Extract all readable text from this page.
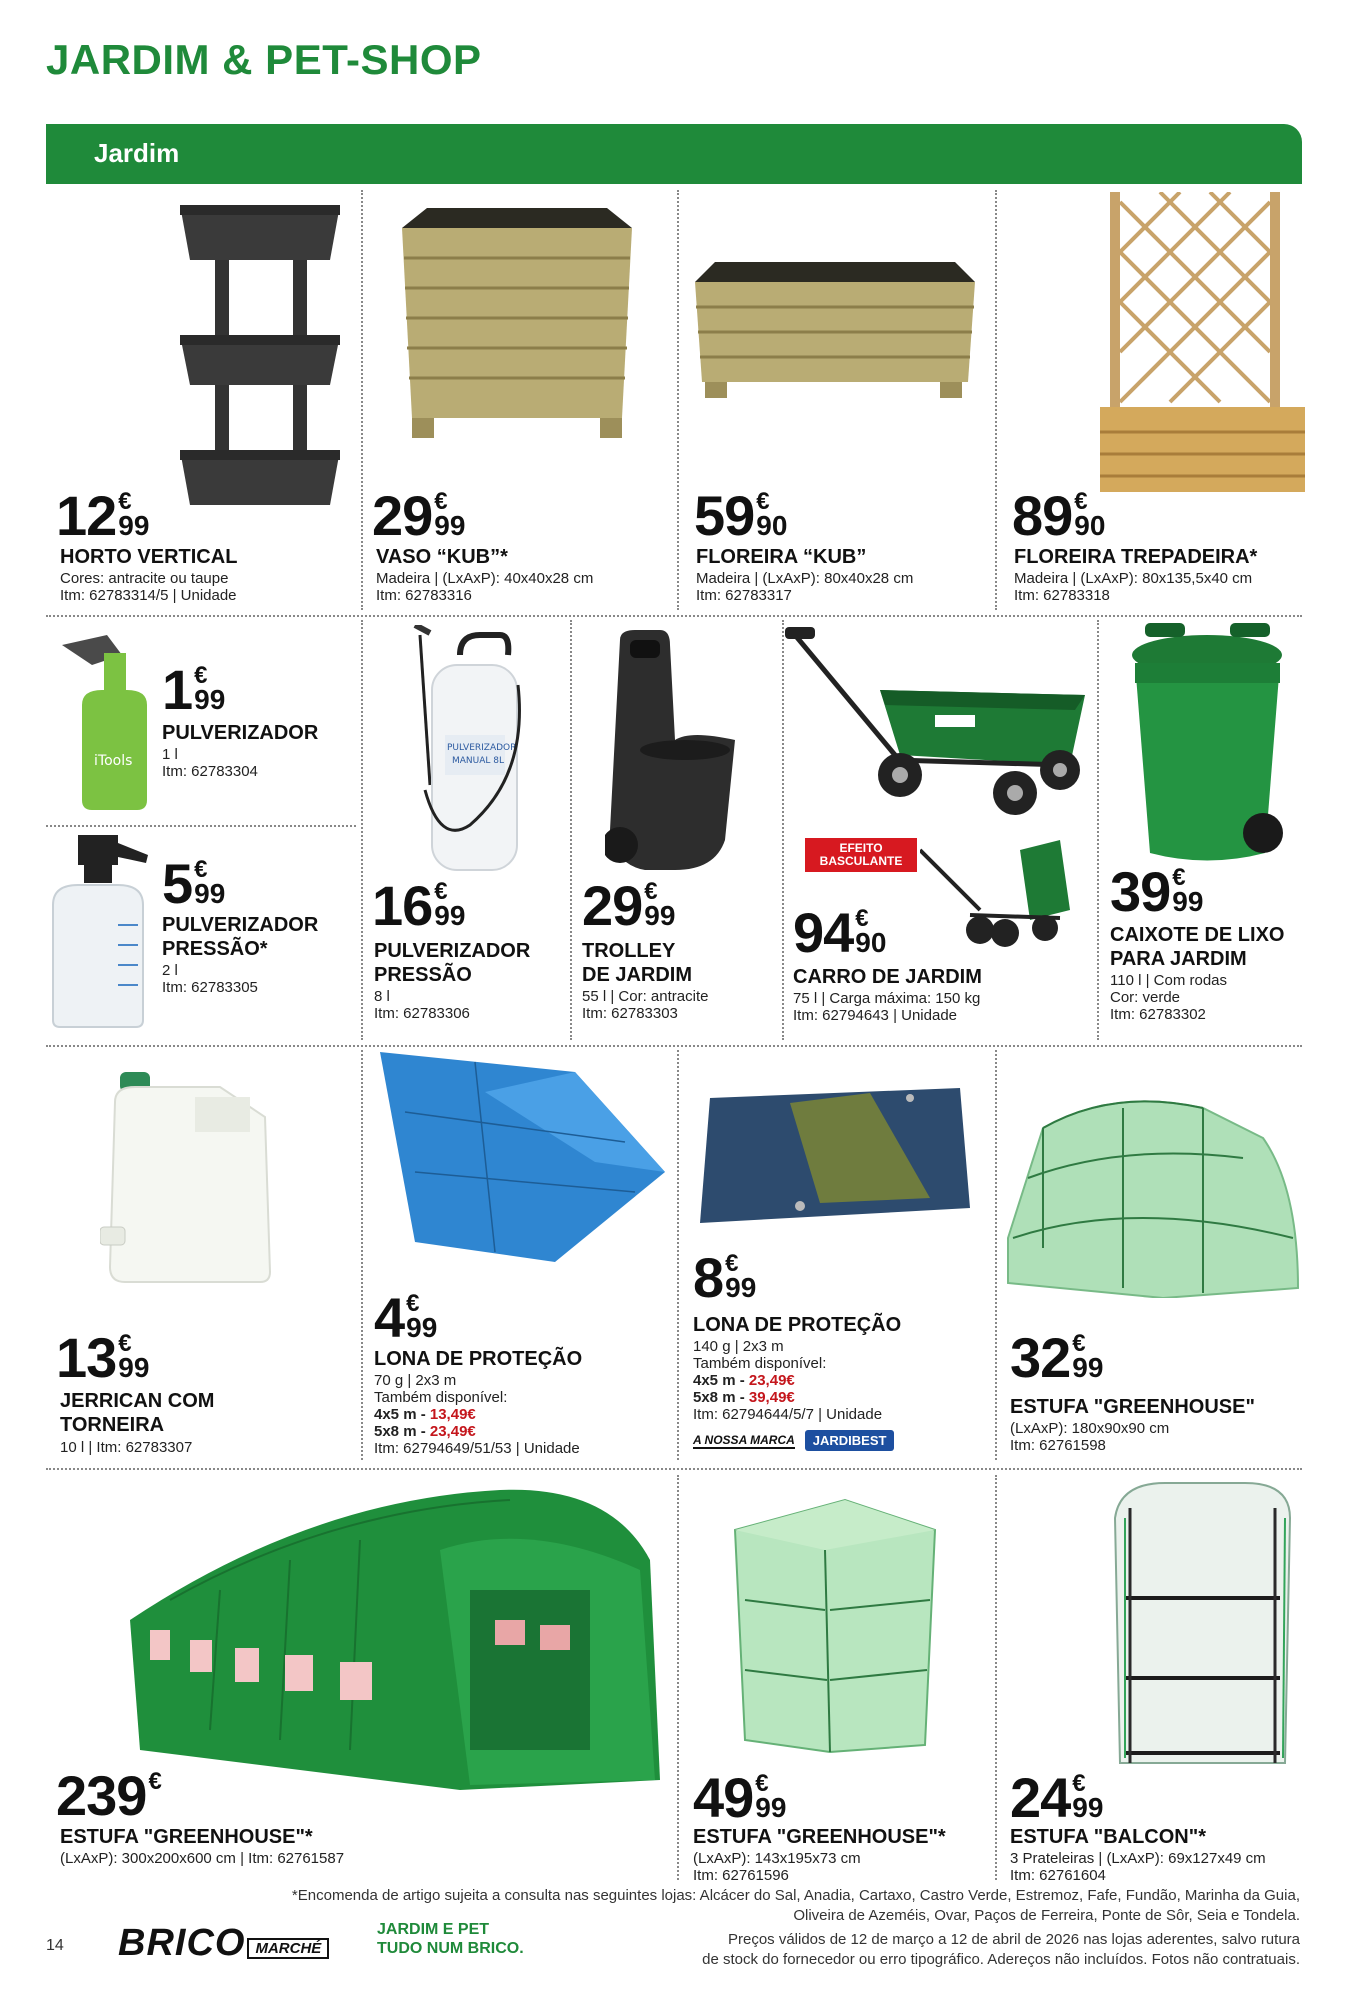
JARDIM & PET-SHOP
Jardim
12 €
99
HORTO VERTICAL
Cores: antracite ou taupe
Itm: 62783314/5 | Unidade
29 €
99
VASO “KUB”*
Madeira | (LxAxP): 40x40x28 cm
Itm: 62783316
59 €
90
FLOREIRA “KUB”
Madeira | (LxAxP): 80x40x28 cm
Itm: 62783317
89 €
90
FLOREIRA TREPADEIRA*
Madeira | (LxAxP): 80x135,5x40 cm
Itm: 62783318
iTools
1 €
99
PULVERIZADOR
1 l
Itm: 62783304
5 €
99
PULVERIZADOR
PRESSÃO*
2 l
Itm: 62783305
PULVERIZADOR
MANUAL 8L
16 €
99
PULVERIZADOR
PRESSÃO
8 l
Itm: 62783306
29 €
99
TROLLEY
DE JARDIM
55 l | Cor: antracite
Itm: 62783303
EFEITO
BASCULANTE
94 €
90
CARRO DE JARDIM
75 l | Carga máxima: 150 kg
Itm: 62794643 | Unidade
39 €
99
CAIXOTE DE LIXO
PARA JARDIM
110 l | Com rodas
Cor: verde
Itm: 62783302
13 €
99
JERRICAN COM
TORNEIRA
10 l | Itm: 62783307
4 €
99
LONA DE PROTEÇÃO
70 g | 2x3 m
Também disponível:
4x5 m - 13,49€
5x8 m - 23,49€
Itm: 62794649/51/53 | Unidade
8 €
99
LONA DE PROTEÇÃO
140 g | 2x3 m
Também disponível:
4x5 m - 23,49€
5x8 m - 39,49€
Itm: 62794644/5/7 | Unidade
A NOSSA MARCA	JARDIBEST
32 €
99
ESTUFA "GREENHOUSE"
(LxAxP): 180x90x90 cm
Itm: 62761598
239 €
ESTUFA "GREENHOUSE"*
(LxAxP): 300x200x600 cm | Itm: 62761587
49 €
99
ESTUFA "GREENHOUSE"*
(LxAxP): 143x195x73 cm
Itm: 62761596
24 €
99
ESTUFA "BALCON"*
3 Prateleiras | (LxAxP): 69x127x49 cm
Itm: 62761604
*Encomenda de artigo sujeita a consulta nas seguintes lojas: Alcácer do Sal, Anadia, Cartaxo, Castro Verde, Estremoz, Fafe, Fundão, Marinha da Guia,
Oliveira de Azeméis, Ovar, Paços de Ferreira, Ponte de Sôr, Seia e Tondela.
14 BRICO MARCHÉ
JARDIM E PET
TUDO NUM BRICO.
Preços válidos de 12 de março a 12 de abril de 2026 nas lojas aderentes, salvo rutura
de stock do fornecedor ou erro tipográfico. Adereços não incluídos. Fotos não contratuais.
